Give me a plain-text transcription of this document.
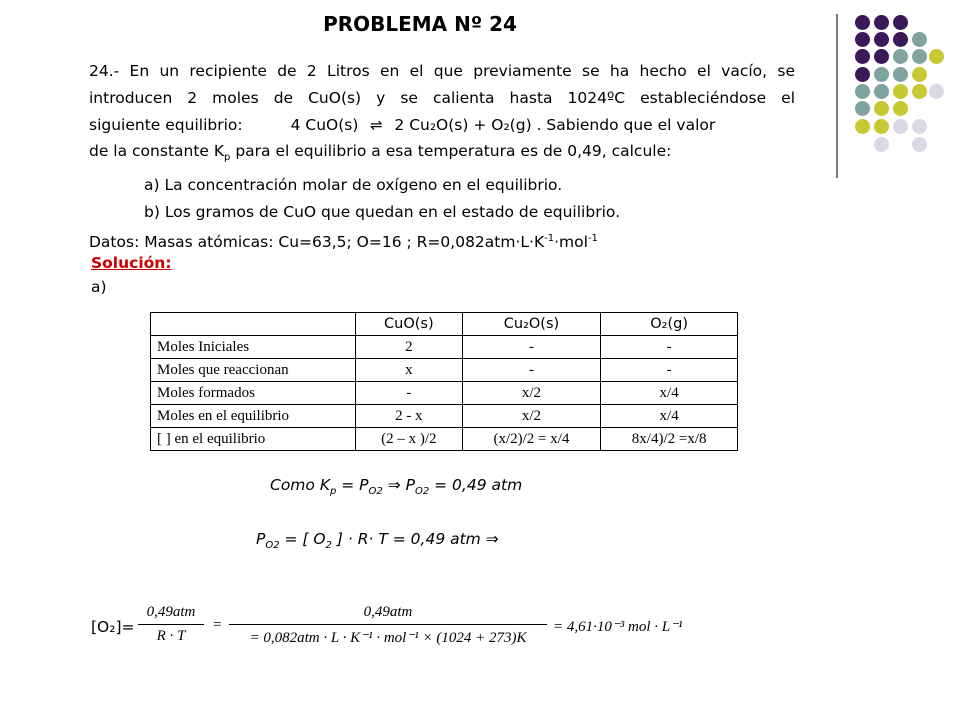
PROBLEMA Nº 24
24.- En un recipiente de 2 Litros en el que previamente se ha hecho el vacío, se
introducen 2 moles de CuO(s) y se calienta hasta 1024ºC estableciéndose el
siguiente equilibrio:	4 CuO(s) ⇌ 2 Cu₂O(s) + O₂(g) . Sabiendo que el valor
de la constante $K_p$ para el equilibrio a esa temperatura es de 0,49, calcule:
a) La concentración molar de oxígeno en el equilibrio.
b) Los gramos de CuO que quedan en el estado de equilibrio.
Datos: Masas atómicas: Cu=63,5; O=16 ; $R=0,082atm\cdot L\cdot K^{-1}\cdot mol^{-1}$
Solución:
a)
	CuO(s)	Cu₂O(s)	O₂(g)
Moles Iniciales	2	-	-
Moles que reaccionan	x	-	-
Moles formados	-	x/2	x/4
Moles en el equilibrio	2 - x	x/2	x/4
[ ] en el equilibrio	(2 – x )/2	(x/2)/2 = x/4	8x/4)/2 =x/8
Como $K_p = P_{O2}$ ⇒ $P_{O2} = 0,49$ atm
$P_{O2}$ = [ $O_2$ ] · R· T = 0,49 atm ⇒
[O₂]=
0,49atm
R · T
=
0,49atm
= 0,082atm · L · K⁻¹ · mol⁻¹ × (1024 + 273)K
= 4,61·10⁻³ mol · L⁻¹
